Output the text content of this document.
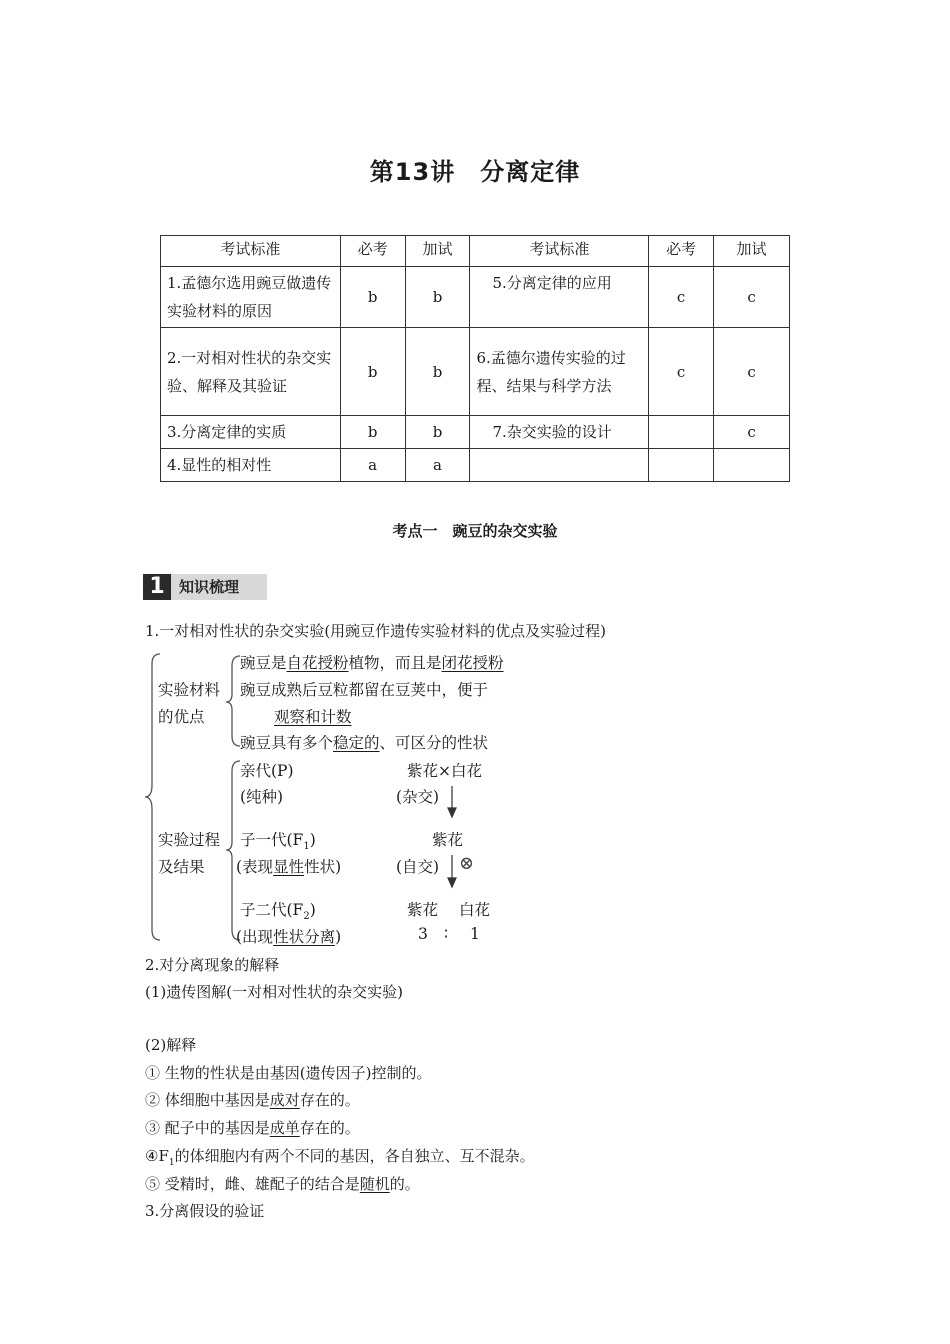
第13讲　分离定律
考试标准	必考	加试	考试标准	必考	加试
1.孟德尔选用豌豆做遗传实验材料的原因	b	b	5.分离定律的应用	c	c
2.一对相对性状的杂交实验、解释及其验证	b	b	6.孟德尔遗传实验的过程、结果与科学方法	c	c
3.分离定律的实质	b	b	7.杂交实验的设计		c
4.显性的相对性	a	a			
考点一　豌豆的杂交实验
1 知识梳理
1.一对相对性状的杂交实验(用豌豆作遗传实验材料的优点及实验过程)
实验材料
的优点
豌豆是自花授粉植物，而且是闭花授粉
豌豆成熟后豆粒都留在豆荚中，便于
观察和计数
豌豆具有多个稳定的、可区分的性状
实验过程
及结果
亲代(P)
(纯种)
紫花×白花
(杂交)
子一代$(F_1)$
(表现显性性状)
紫花
(自交) ⊗
子二代$(F_2)$
(出现性状分离)
紫花 白花
3 ∶ 1
2.对分离现象的解释
(1)遗传图解(一对相对性状的杂交实验)
(2)解释
① 生物的性状是由基因(遗传因子)控制的。
② 体细胞中基因是成对存在的。
③ 配子中的基因是成单存在的。
$④F_1$的体细胞内有两个不同的基因，各自独立、互不混杂。
⑤ 受精时，雌、雄配子的结合是随机的。
3.分离假设的验证
